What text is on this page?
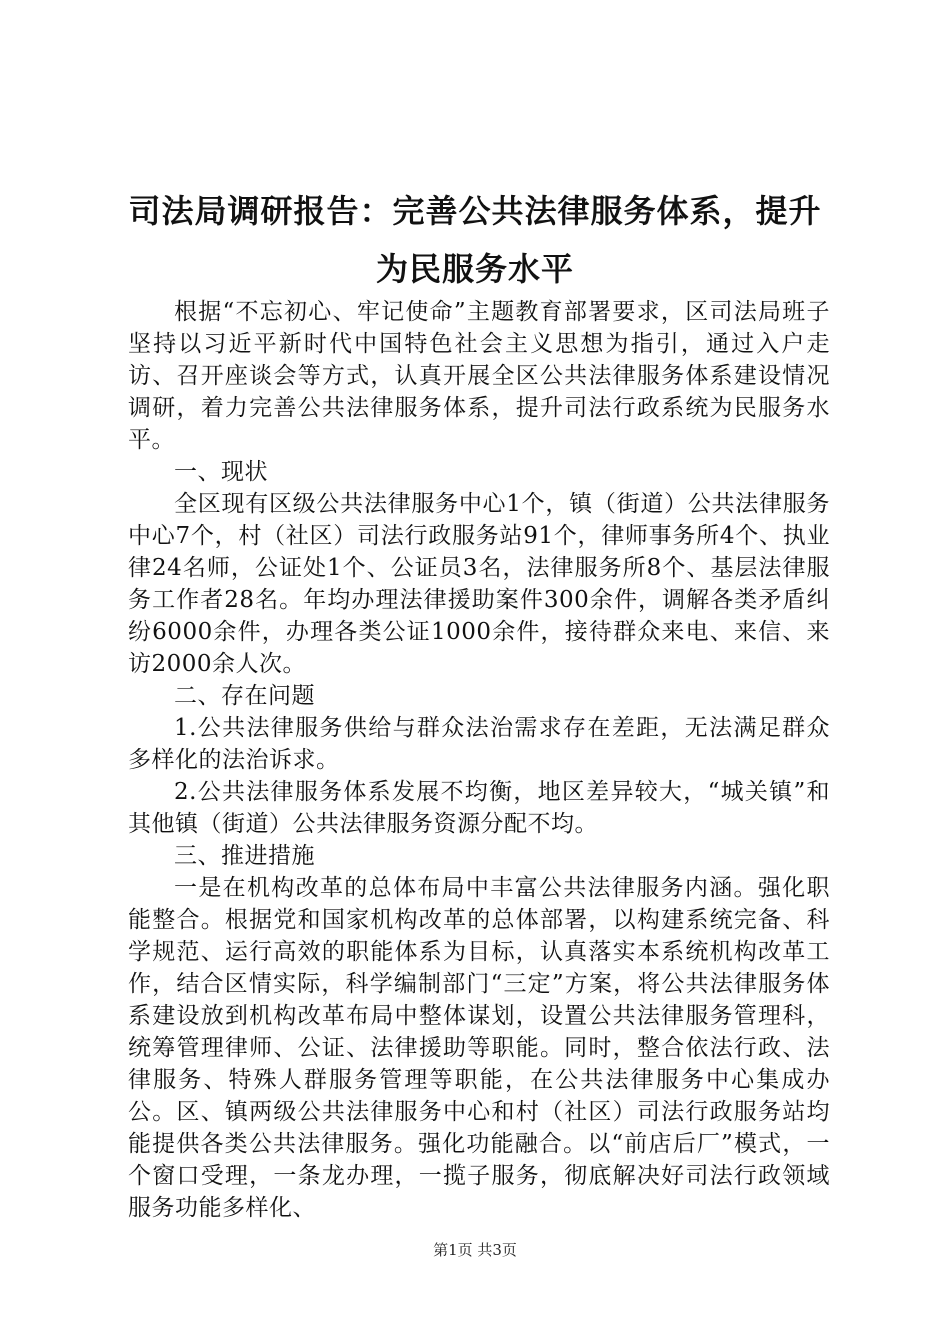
司法局调研报告：完善公共法律服务体系，提升为民服务水平

根据“不忘初心、牢记使命”主题教育部署要求，区司法局班子坚持以习近平新时代中国特色社会主义思想为指引，通过入户走访、召开座谈会等方式，认真开展全区公共法律服务体系建设情况调研，着力完善公共法律服务体系，提升司法行政系统为民服务水平。

一、现状

全区现有区级公共法律服务中心1个，镇（街道）公共法律服务中心7个，村（社区）司法行政服务站91个，律师事务所4个、执业律24名师，公证处1个、公证员3名，法律服务所8个、基层法律服务工作者28名。年均办理法律援助案件300余件，调解各类矛盾纠纷6000余件，办理各类公证1000余件，接待群众来电、来信、来访2000余人次。

二、存在问题

1.公共法律服务供给与群众法治需求存在差距，无法满足群众多样化的法治诉求。

2.公共法律服务体系发展不均衡，地区差异较大，“城关镇”和其他镇（街道）公共法律服务资源分配不均。

三、推进措施

一是在机构改革的总体布局中丰富公共法律服务内涵。强化职能整合。根据党和国家机构改革的总体部署，以构建系统完备、科学规范、运行高效的职能体系为目标，认真落实本系统机构改革工作，结合区情实际，科学编制部门“三定”方案，将公共法律服务体系建设放到机构改革布局中整体谋划，设置公共法律服务管理科，统筹管理律师、公证、法律援助等职能。同时，整合依法行政、法律服务、特殊人群服务管理等职能，在公共法律服务中心集成办公。区、镇两级公共法律服务中心和村（社区）司法行政服务站均能提供各类公共法律服务。强化功能融合。以“前店后厂”模式，一个窗口受理，一条龙办理，一揽子服务，彻底解决好司法行政领域服务功能多样化、

第1页 共3页
